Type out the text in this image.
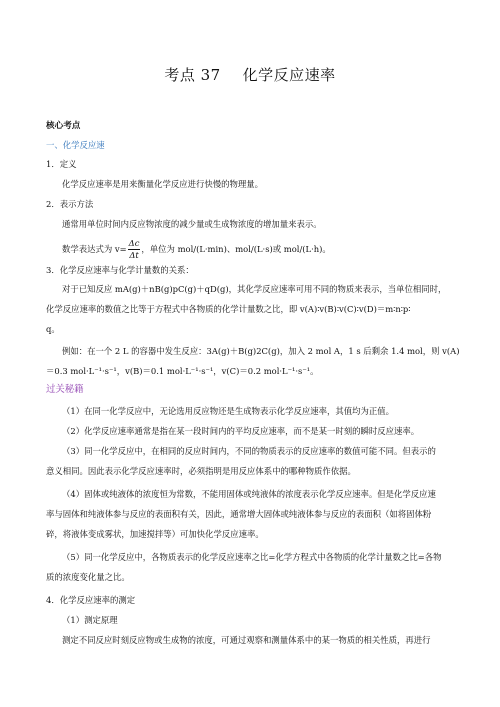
考点 37 化学反应速率
核心考点
一、化学反应速
1．定义
化学反应速率是用来衡量化学反应进行快慢的物理量。
2．表示方法
通常用单位时间内反应物浓度的减少量或生成物浓度的增加量来表示。
数学表达式为 $v= \frac{\Delta c}{\Delta t}$ ，单位为 mol/(L·min)、mol/(L·s)或 mol/(L·h)。
3．化学反应速率与化学计量数的关系：
对于已知反应 mA(g)＋nB(g)pC(g)＋qD(g)，其化学反应速率可用不同的物质来表示，当单位相同时，
化学反应速率的数值之比等于方程式中各物质的化学计量数之比，即 v(A)∶v(B)∶v(C)∶v(D)＝m∶n∶p∶
q。
例如：在一个 2 L 的容器中发生反应：3A(g)＋B(g)2C(g)，加入 2 mol A，1 s 后剩余 1.4 mol，则 v(A)
＝0.3 mol·L⁻¹·s⁻¹，v(B)＝0.1 mol·L⁻¹·s⁻¹，v(C)＝0.2 mol·L⁻¹·s⁻¹。
过关秘籍
（1）在同一化学反应中，无论选用反应物还是生成物表示化学反应速率，其值均为正值。
（2）化学反应速率通常是指在某一段时间内的平均反应速率，而不是某一时刻的瞬时反应速率。
（3）同一化学反应中，在相同的反应时间内，不同的物质表示的反应速率的数值可能不同。但表示的
意义相同。因此表示化学反应速率时，必须指明是用反应体系中的哪种物质作依据。
（4）固体或纯液体的浓度恒为常数，不能用固体或纯液体的浓度表示化学反应速率。但是化学反应速
率与固体和纯液体参与反应的表面积有关，因此，通常增大固体或纯液体参与反应的表面积（如将固体粉
碎，将液体变成雾状，加速搅拌等）可加快化学反应速率。
（5）同一化学反应中，各物质表示的化学反应速率之比=化学方程式中各物质的化学计量数之比=各物
质的浓度变化量之比。
4．化学反应速率的测定
（1）测定原理
测定不同反应时刻反应物或生成物的浓度，可通过观察和测量体系中的某一物质的相关性质，再进行
